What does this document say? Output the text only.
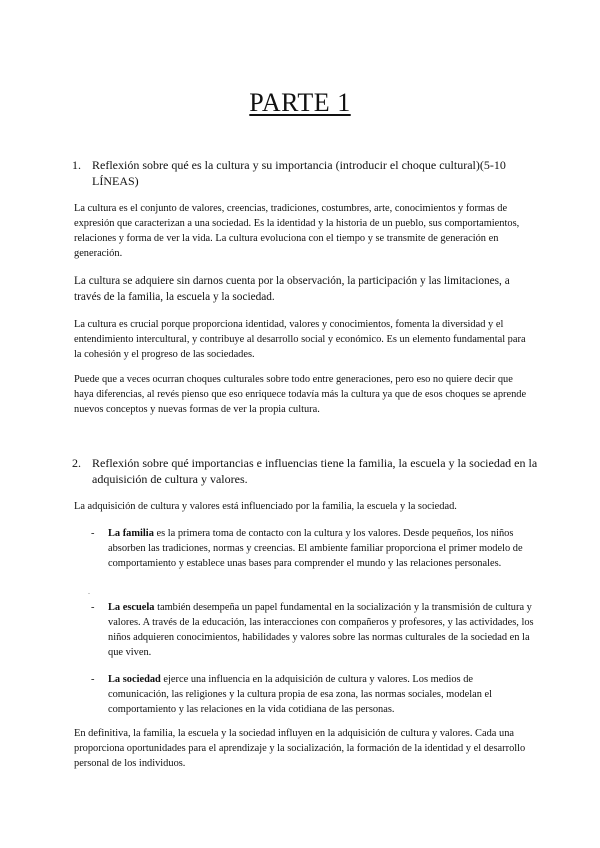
PARTE 1
1. Reflexión sobre qué es la cultura y su importancia (introducir el choque cultural)(5-10 LÍNEAS)
La cultura es el conjunto de valores, creencias, tradiciones, costumbres, arte, conocimientos y formas de expresión que caracterizan a una sociedad. Es la identidad y la historia de un pueblo, sus comportamientos, relaciones y forma de ver la vida. La cultura evoluciona con el tiempo y se transmite de generación en generación.
La cultura se adquiere sin darnos cuenta por la observación, la participación y las limitaciones, a través de la familia, la escuela y la sociedad.
La cultura es crucial porque proporciona identidad, valores y conocimientos, fomenta la diversidad y el entendimiento intercultural, y contribuye al desarrollo social y económico. Es un elemento fundamental para la cohesión y el progreso de las sociedades.
Puede que a veces ocurran choques culturales sobre todo entre generaciones, pero eso no quiere decir que haya diferencias, al revés pienso que eso enriquece todavía más la cultura ya que de esos choques se aprende nuevos conceptos y nuevas formas de ver la propia cultura.
2. Reflexión sobre qué importancias e influencias tiene la familia, la escuela y la sociedad en la adquisición de cultura y valores.
La adquisición de cultura y valores está influenciado por la familia, la escuela y la sociedad.
- La familia es la primera toma de contacto con la cultura y los valores. Desde pequeños, los niños absorben las tradiciones, normas y creencias. El ambiente familiar proporciona el primer modelo de comportamiento y establece unas bases para comprender el mundo y las relaciones personales.
.
- La escuela también desempeña un papel fundamental en la socialización y la transmisión de cultura y valores. A través de la educación, las interacciones con compañeros y profesores, y las actividades, los niños adquieren conocimientos, habilidades y valores sobre las normas culturales de la sociedad en la que viven.
- La sociedad ejerce una influencia en la adquisición de cultura y valores. Los medios de comunicación, las religiones y la cultura propia de esa zona, las normas sociales, modelan el comportamiento y las relaciones en la vida cotidiana de las personas.
En definitiva, la familia, la escuela y la sociedad influyen en la adquisición de cultura y valores. Cada una proporciona oportunidades para el aprendizaje y la socialización, la formación de la identidad y el desarrollo personal de los individuos.
